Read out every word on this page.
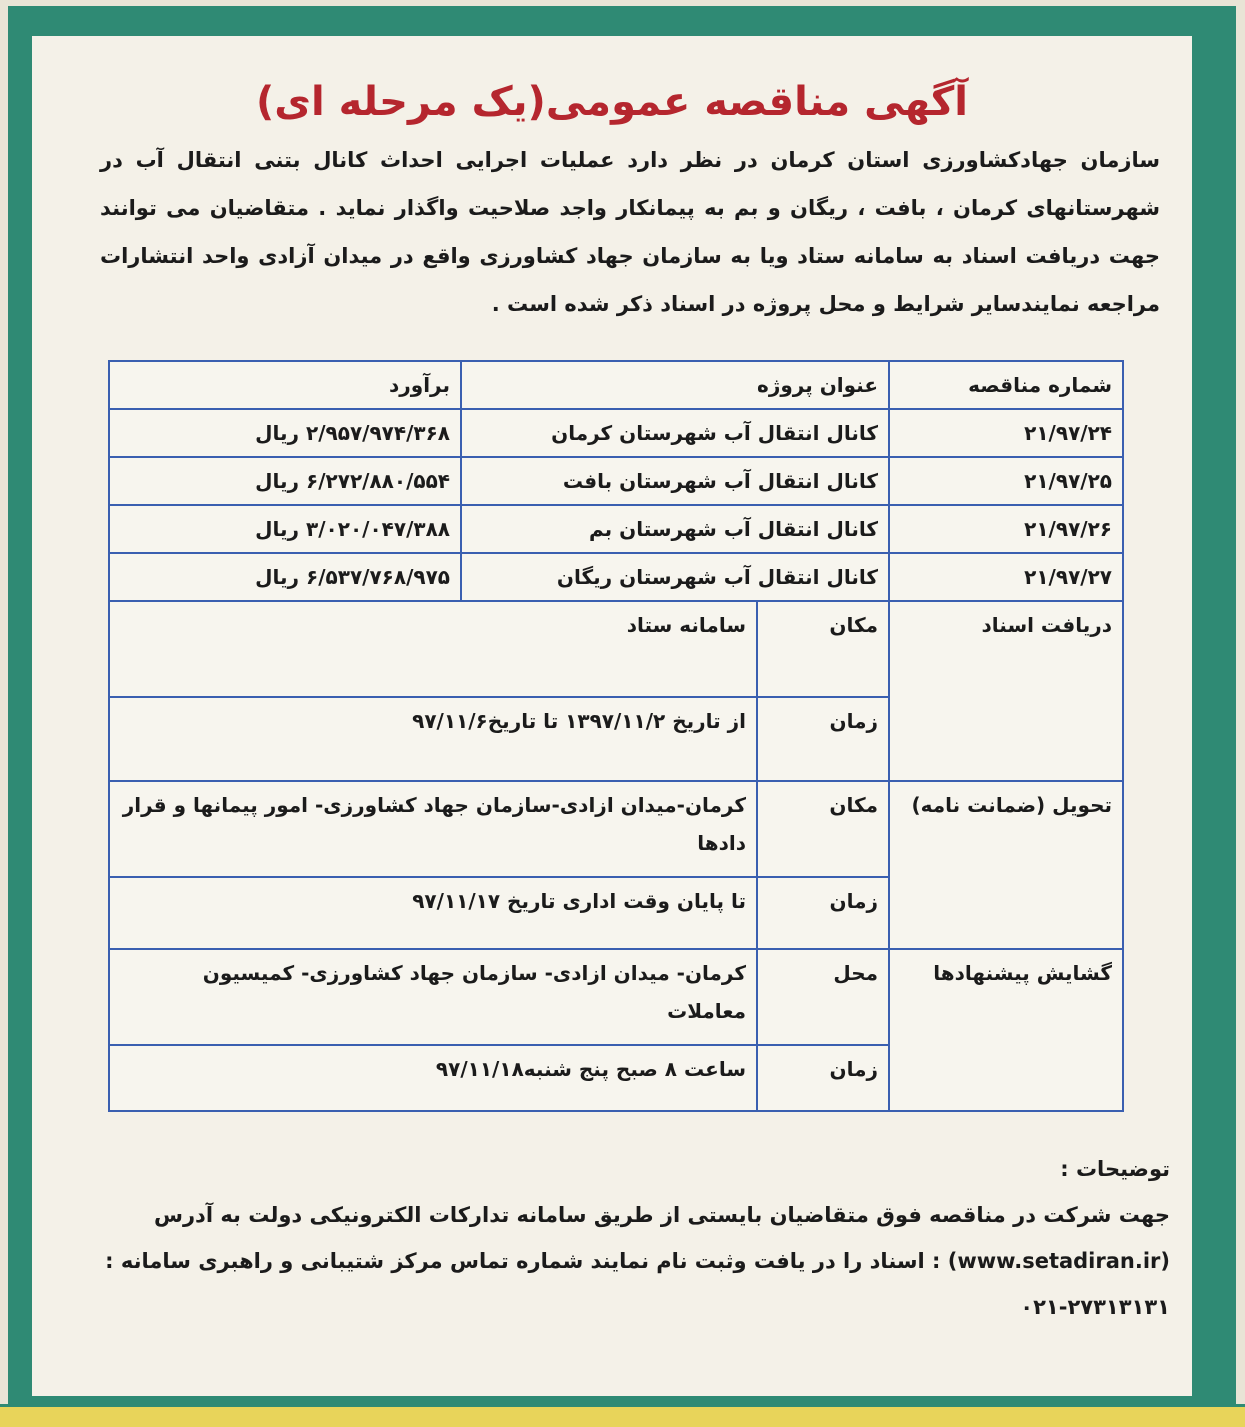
آگهی مناقصه عمومی(یک مرحله ای)
سازمان جهادکشاورزی استان کرمان در نظر دارد عملیات اجرایی احداث کانال بتنی انتقال آب در شهرستانهای کرمان ، بافت ، ریگان و بم به پیمانکار واجد صلاحیت واگذار نماید . متقاضیان می توانند جهت دریافت اسناد به سامانه ستاد ویا به سازمان جهاد کشاورزی واقع در میدان آزادی واحد انتشارات مراجعه نمایندسایر شرایط و محل پروژه در اسناد ذکر شده است .
شماره مناقصه	عنوان پروژه		برآورد
۲۱/۹۷/۲۴	کانال انتقال آب شهرستان کرمان		۲/۹۵۷/۹۷۴/۳۶۸ ریال
۲۱/۹۷/۲۵	کانال انتقال آب شهرستان بافت		۶/۲۷۲/۸۸۰/۵۵۴ ریال
۲۱/۹۷/۲۶	کانال انتقال آب شهرستان بم		۳/۰۲۰/۰۴۷/۳۸۸ ریال
۲۱/۹۷/۲۷	کانال انتقال آب شهرستان ریگان		۶/۵۳۷/۷۶۸/۹۷۵ ریال
دریافت اسناد	مکان	سامانه ستاد	
	زمان	از تاریخ ۱۳۹۷/۱۱/۲ تا تاریخ۹۷/۱۱/۶	
تحویل (ضمانت نامه)	مکان	کرمان-میدان ازادی-سازمان جهاد کشاورزی- امور پیمانها و قرار دادها	
	زمان	تا پایان وقت اداری تاریخ ۹۷/۱۱/۱۷	
گشایش پیشنهادها	محل	کرمان- میدان ازادی- سازمان جهاد کشاورزی- کمیسیون معاملات	
	زمان	ساعت ۸ صبح پنج شنبه۹۷/۱۱/۱۸	
توضیحات :
جهت شرکت در مناقصه فوق متقاضیان بایستی از طریق سامانه تدارکات الکترونیکی دولت به آدرس
(www.setadiran.ir) : اسناد را در یافت وثبت نام نمایند شماره تماس مرکز شتیبانی و راهبری سامانه :
۰۲۱-۲۷۳۱۳۱۳۱
